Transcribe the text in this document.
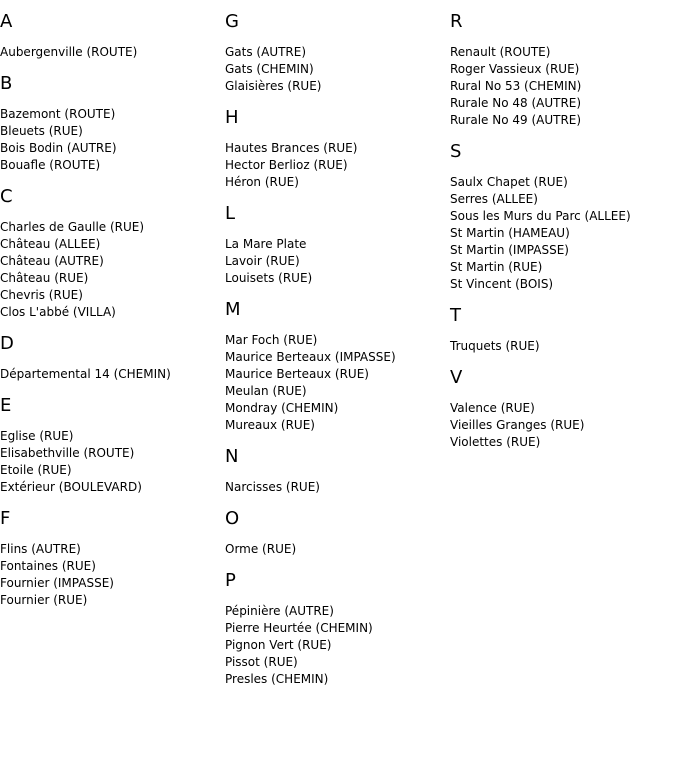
A
Aubergenville (ROUTE)
B
Bazemont (ROUTE)
Bleuets (RUE)
Bois Bodin (AUTRE)
Bouafle (ROUTE)
C
Charles de Gaulle (RUE)
Château (ALLEE)
Château (AUTRE)
Château (RUE)
Chevris (RUE)
Clos L'abbé (VILLA)
D
Départemental 14 (CHEMIN)
E
Eglise (RUE)
Elisabethville (ROUTE)
Etoile (RUE)
Extérieur (BOULEVARD)
F
Flins (AUTRE)
Fontaines (RUE)
Fournier (IMPASSE)
Fournier (RUE)
G
Gats (AUTRE)
Gats (CHEMIN)
Glaisières (RUE)
H
Hautes Brances (RUE)
Hector Berlioz (RUE)
Héron (RUE)
L
La Mare Plate
Lavoir (RUE)
Louisets (RUE)
M
Mar Foch (RUE)
Maurice Berteaux (IMPASSE)
Maurice Berteaux (RUE)
Meulan (RUE)
Mondray (CHEMIN)
Mureaux (RUE)
N
Narcisses (RUE)
O
Orme (RUE)
P
Pépinière (AUTRE)
Pierre Heurtée (CHEMIN)
Pignon Vert (RUE)
Pissot (RUE)
Presles (CHEMIN)
R
Renault (ROUTE)
Roger Vassieux (RUE)
Rural No 53 (CHEMIN)
Rurale No 48 (AUTRE)
Rurale No 49 (AUTRE)
S
Saulx Chapet (RUE)
Serres (ALLEE)
Sous les Murs du Parc (ALLEE)
St Martin (HAMEAU)
St Martin (IMPASSE)
St Martin (RUE)
St Vincent (BOIS)
T
Truquets (RUE)
V
Valence (RUE)
Vieilles Granges (RUE)
Violettes (RUE)
